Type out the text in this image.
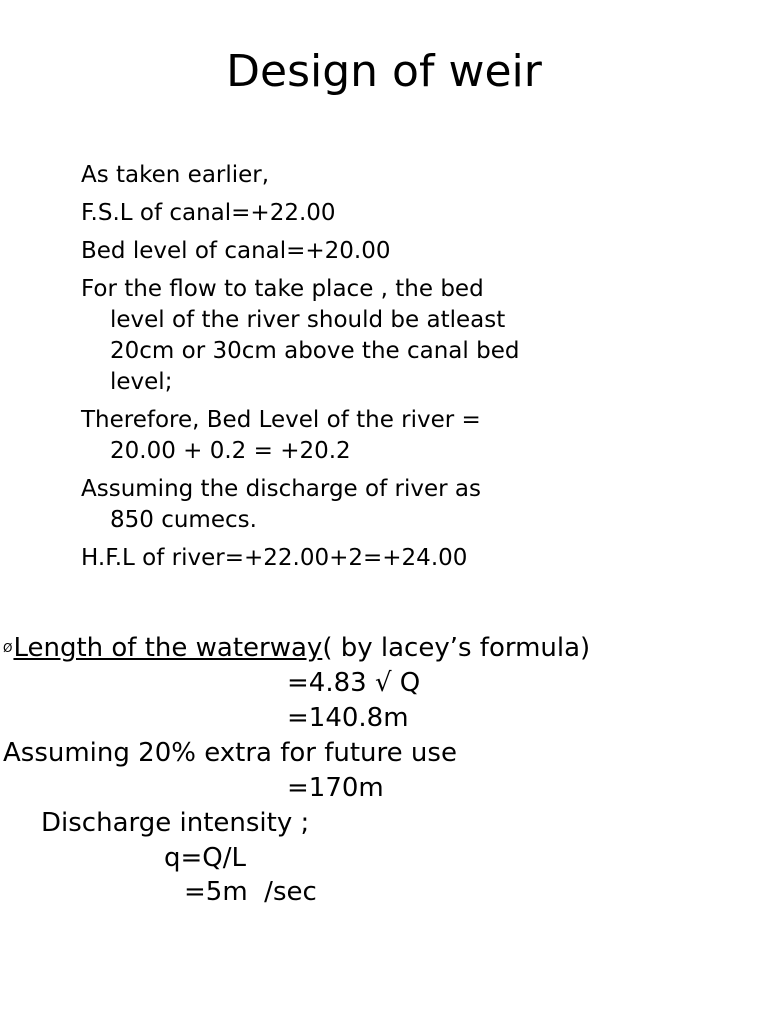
Design of weir
As taken earlier,
F.S.L of canal=+22.00
Bed level of canal=+20.00
For the flow to take place , the bed
level of the river should be atleast
20cm or 30cm above the canal bed
level;
Therefore, Bed Level of the river =
20.00 + 0.2 = +20.2
Assuming the discharge of river as
850 cumecs.
H.F.L of river=+22.00+2=+24.00
ØLength of the waterway( by lacey’s formula)
=4.83 √ Q
=140.8m
Assuming 20% extra for future use
=170m
Discharge intensity ;
q=Q/L
=5m  /sec
